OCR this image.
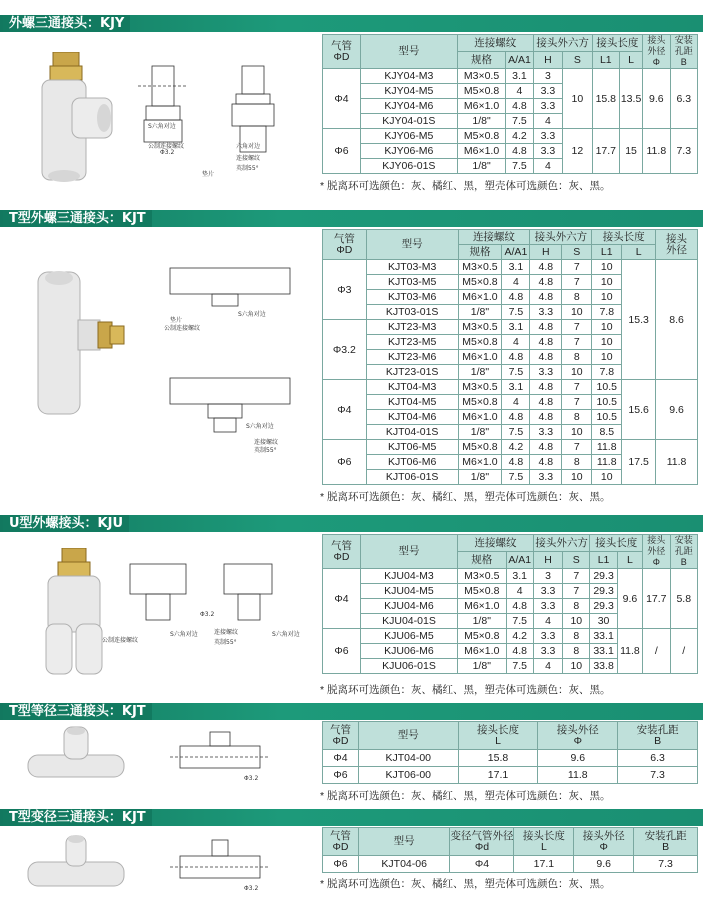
外螺三通接头：KJY
S六角对边
公制连接螺纹
垫片
六角对边
连接螺纹
英制55°
Φ3.2
气管
ΦD	型号	连接螺纹		接头外六方		接头长度		接头
外径
Φ	安装
孔距
B
		规格	A/A1	H	S	L1	L		
Φ4	KJY04-M3	M3×0.5	3.1	3	10	15.8	13.5	9.6	6.3
	KJY04-M5	M5×0.8	4	3.3					
	KJY04-M6	M6×1.0	4.8	3.3					
	KJY04-01S	1/8"	7.5	4					
Φ6	KJY06-M5	M5×0.8	4.2	3.3	12	17.7	15	11.8	7.3
	KJY06-M6	M6×1.0	4.8	3.3					
	KJY06-01S	1/8"	7.5	4					
* 脱离环可选颜色：灰、橘红、黑，塑壳体可选颜色：灰、黑。
T型外螺三通接头：KJT
垫片
公制连接螺纹
S六角对边
S六角对边
连接螺纹
英制55°
气管
ΦD	型号	连接螺纹		接头外六方		接头长度		接头
外径
		规格	A/A1	H	S	L1	L	
Φ3	KJT03-M3	M3×0.5	3.1	4.8	7	10	15.3	8.6
	KJT03-M5	M5×0.8	4	4.8	7	10		
	KJT03-M6	M6×1.0	4.8	4.8	8	10		
	KJT03-01S	1/8"	7.5	3.3	10	7.8		
Φ3.2	KJT23-M3	M3×0.5	3.1	4.8	7	10		
	KJT23-M5	M5×0.8	4	4.8	7	10		
	KJT23-M6	M6×1.0	4.8	4.8	8	10		
	KJT23-01S	1/8"	7.5	3.3	10	7.8		
Φ4	KJT04-M3	M3×0.5	3.1	4.8	7	10.5	15.6	9.6
	KJT04-M5	M5×0.8	4	4.8	7	10.5		
	KJT04-M6	M6×1.0	4.8	4.8	8	10.5		
	KJT04-01S	1/8"	7.5	3.3	10	8.5		
Φ6	KJT06-M5	M5×0.8	4.2	4.8	7	11.8	17.5	11.8
	KJT06-M6	M6×1.0	4.8	4.8	8	11.8		
	KJT06-01S	1/8"	7.5	3.3	10	10		
* 脱离环可选颜色：灰、橘红、黑，塑壳体可选颜色：灰、黑。
U型外螺接头：KJU
公制连接螺纹
S六角对边	连接螺纹
英制55°
S六角对边
Φ3.2
气管
ΦD	型号	连接螺纹		接头外六方		接头长度		接头
外径
Φ	安装
孔距
B
		规格	A/A1	H	S	L1	L		
Φ4	KJU04-M3	M3×0.5	3.1	3	7	29.3	9.6	17.7	5.8
	KJU04-M5	M5×0.8	4	3.3	7	29.3			
	KJU04-M6	M6×1.0	4.8	3.3	8	29.3			
	KJU04-01S	1/8"	7.5	4	10	30			
Φ6	KJU06-M5	M5×0.8	4.2	3.3	8	33.1	11.8	/	/
	KJU06-M6	M6×1.0	4.8	3.3	8	33.1			
	KJU06-01S	1/8"	7.5	4	10	33.8			
* 脱离环可选颜色：灰、橘红、黑，塑壳体可选颜色：灰、黑。
T型等径三通接头：KJT
Φ3.2
气管
ΦD	型号	接头长度
L	接头外径
Φ	安装孔距
B
Φ4	KJT04-00	15.8	9.6	6.3
Φ6	KJT06-00	17.1	11.8	7.3
* 脱离环可选颜色：灰、橘红、黑，塑壳体可选颜色：灰、黑。
T型变径三通接头：KJT
Φ3.2
气管
ΦD	型号	变径气管外径
Φd	接头长度
L	接头外径
Φ	安装孔距
B
Φ6	KJT04-06	Φ4	17.1	9.6	7.3
* 脱离环可选颜色：灰、橘红、黑，塑壳体可选颜色：灰、黑。
